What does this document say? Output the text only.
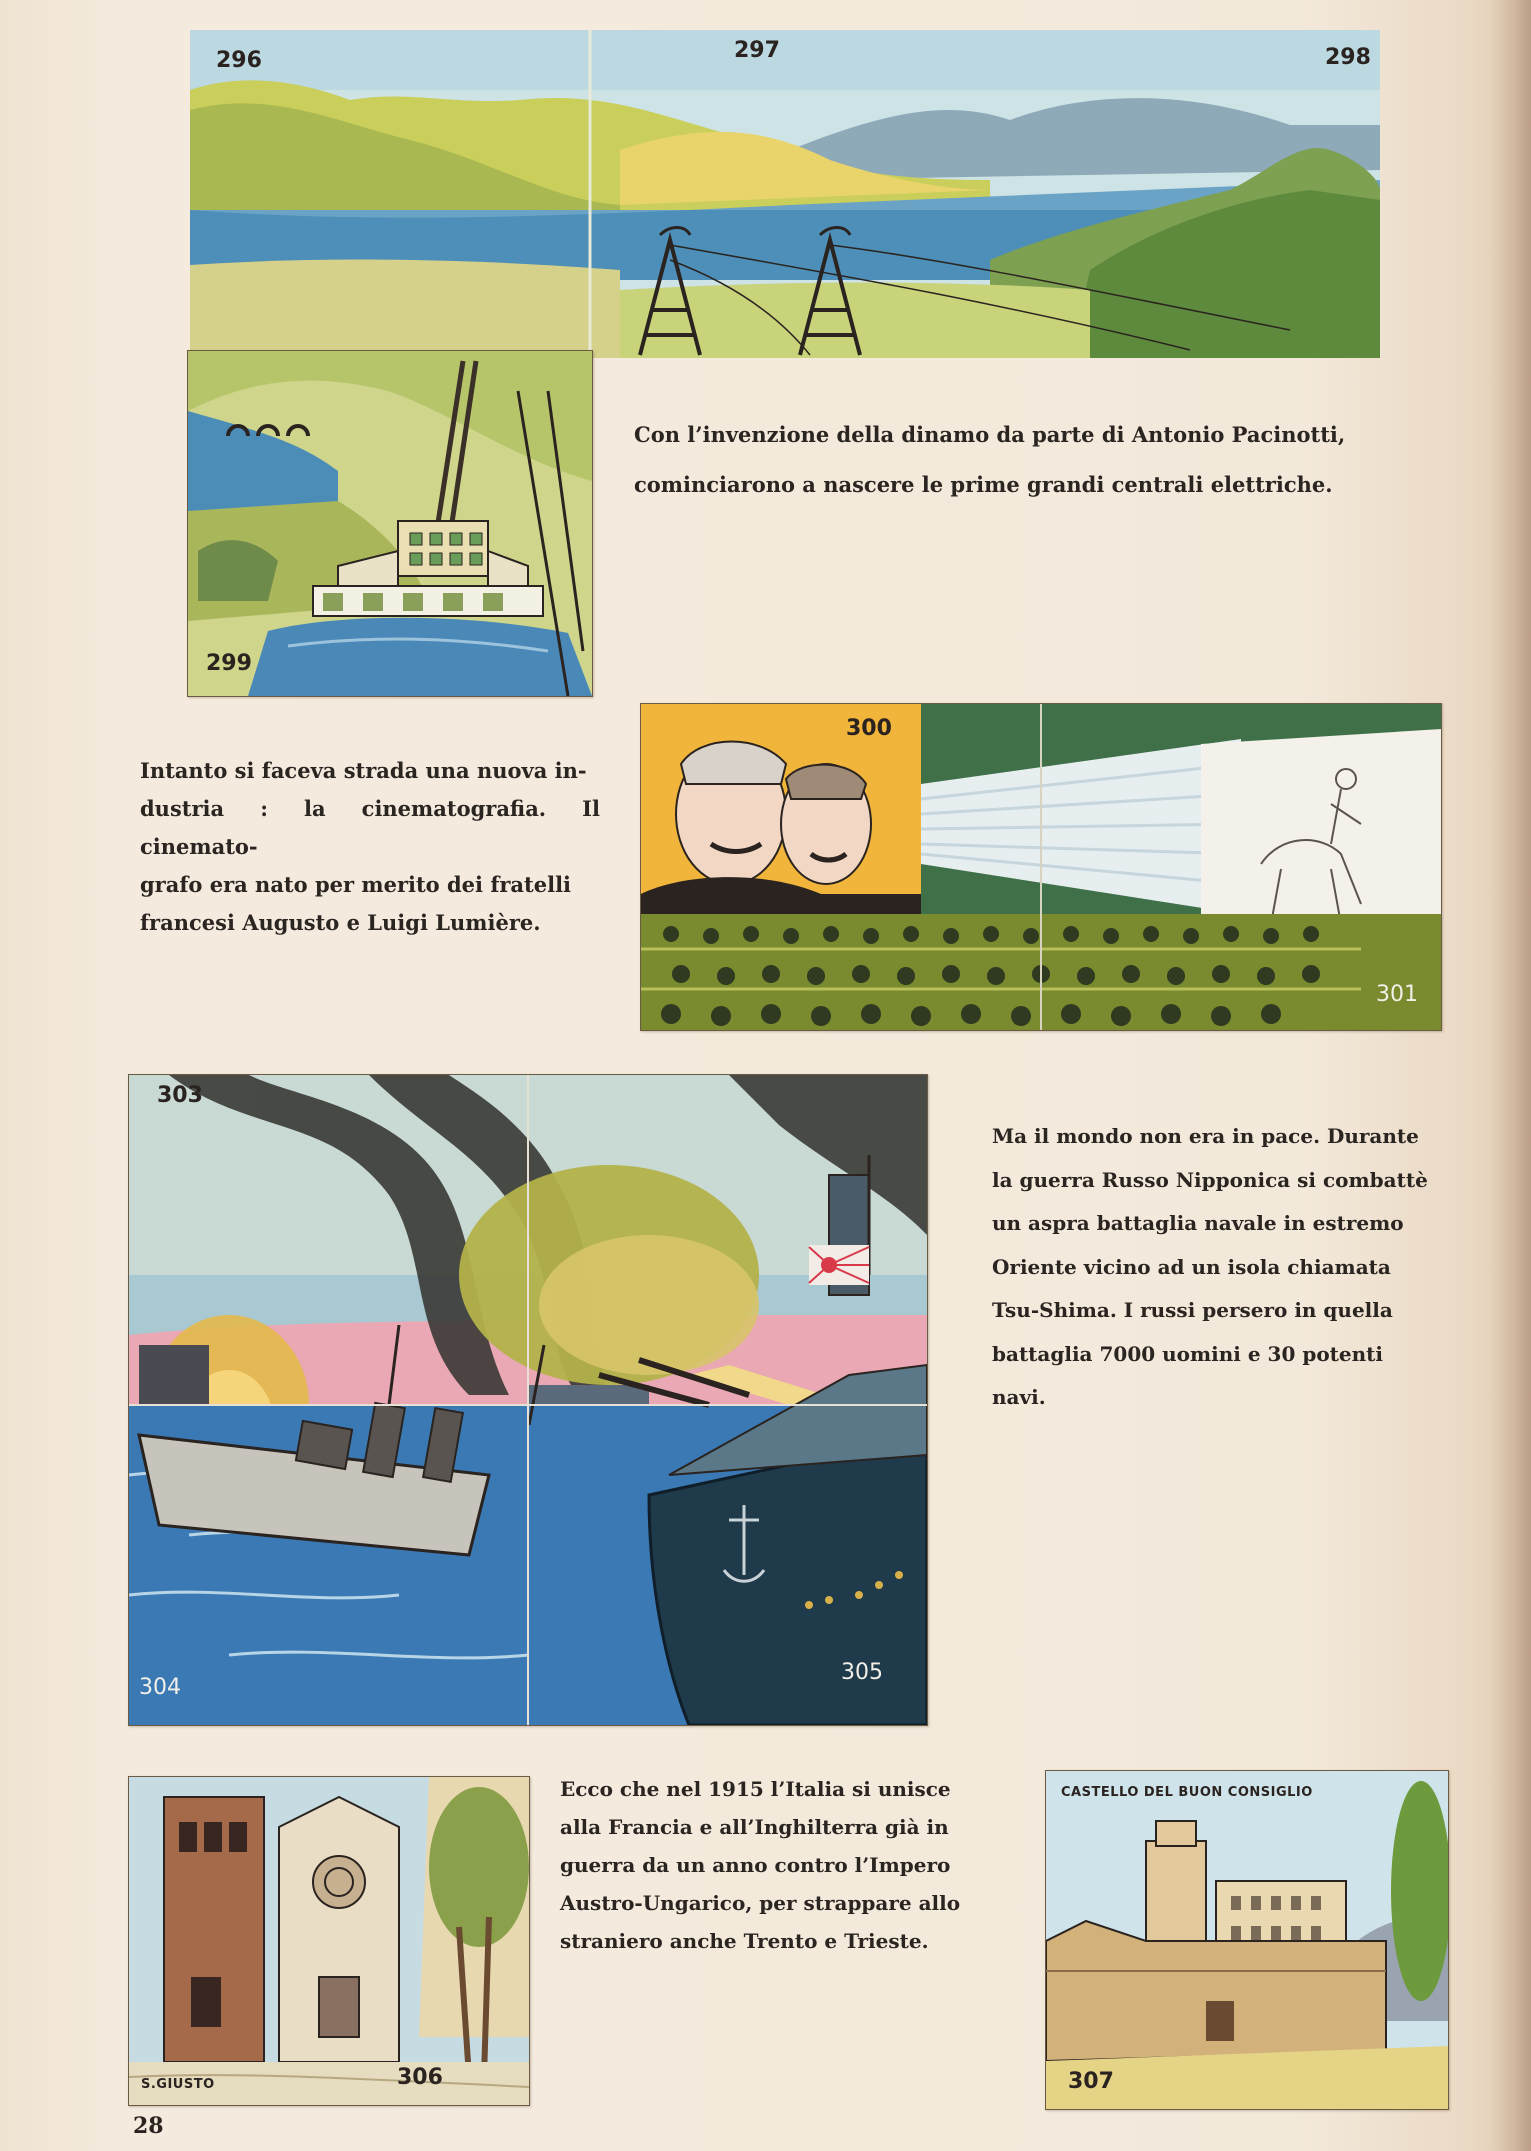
296	297	298
299

Con l’invenzione della dinamo da parte di Antonio Pacinotti,

cominciarono a nascere le prime grandi centrali elettriche.

Intanto si faceva strada una nuova in-

dustria : la cinematografia. Il cinemato-

grafo era nato per merito dei fratelli

francesi Augusto e Luigi Lumière.

300
301
303
304
305

Ma il mondo non era in pace. Durante

la guerra Russo Nipponica si combattè

un aspra battaglia navale in estremo

Oriente vicino ad un isola chiamata

Tsu-Shima. I russi persero in quella

battaglia 7000 uomini e 30 potenti

navi.

S.GIUSTO	306

Ecco che nel 1915 l’Italia si unisce

alla Francia e all’Inghilterra già in

guerra da un anno contro l’Impero

Austro-Ungarico, per strappare allo

straniero anche Trento e Trieste.

CASTELLO DEL BUON CONSIGLIO
307
28
